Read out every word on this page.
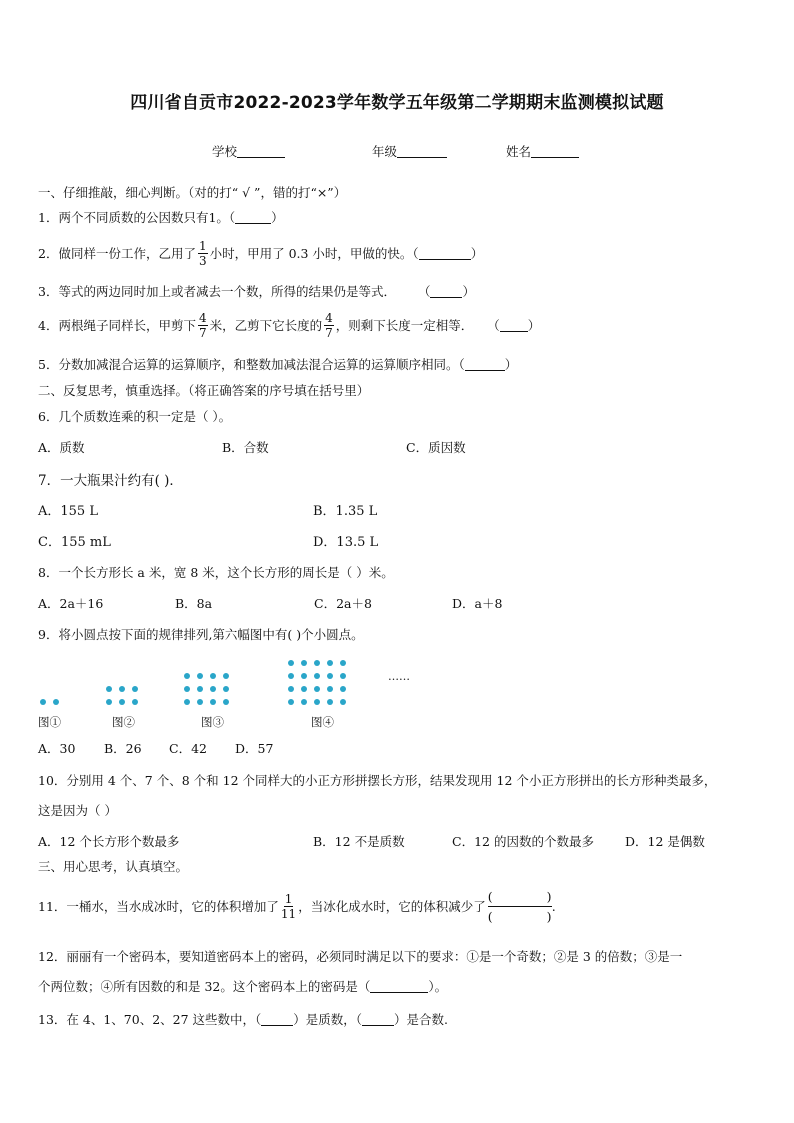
四川省自贡市2022-2023学年数学五年级第二学期期末监测模拟试题
学校	年级	姓名
一、仔细推敲，细心判断。（对的打“ √ ”，错的打“×”）
1．两个不同质数的公因数只有1。（	）
2．做同样一份工作，乙用了 $\frac{1}{3}$ 小时，甲用了 0.3 小时，甲做的快。（	）
3．等式的两边同时加上或者减去一个数，所得的结果仍是等式． （	）
4．两根绳子同样长，甲剪下 $\frac{4}{7}$ 米，乙剪下它长度的 $\frac{4}{7}$ ，则剩下长度一定相等． （ ）
5．分数加减混合运算的运算顺序，和整数加减法混合运算的运算顺序相同。（	）
二、反复思考，慎重选择。（将正确答案的序号填在括号里）
6．几个质数连乘的积一定是（ ）。
A．质数	B．合数	C．质因数
7．一大瓶果汁约有( )．
A．155 L	B．1.35 L
C．155 mL	D．13.5 L
8．一个长方形长 a 米，宽 8 米，这个长方形的周长是（ ）米。
A．2a＋16	B．8a	C．2a＋8	D．a＋8
9．将小圆点按下面的规律排列,第六幅图中有( )个小圆点。
……
图①	图②	图③	图④
A．30 B．26 C．42 D．57
10．分别用 4 个、7 个、8 个和 12 个同样大的小正方形拼摆长方形，结果发现用 12 个小正方形拼出的长方形种类最多，
这是因为（ ）
A．12 个长方形个数最多	B．12 不是质数	C．12 的因数的个数最多 D．12 是偶数
三、用心思考，认真填空。
11．一桶水，当水成冰时，它的体积增加了 $\frac{1}{11}$ ，当冰化成水时，它的体积减少了 (	)
(	) .
12．丽丽有一个密码本，要知道密码本上的密码，必须同时满足以下的要求：①是一个奇数；②是 3 的倍数；③是一
个两位数；④所有因数的和是 32。这个密码本上的密码是（	）。
13．在 4、1、70、2、27 这些数中，（	）是质数，（	）是合数.
